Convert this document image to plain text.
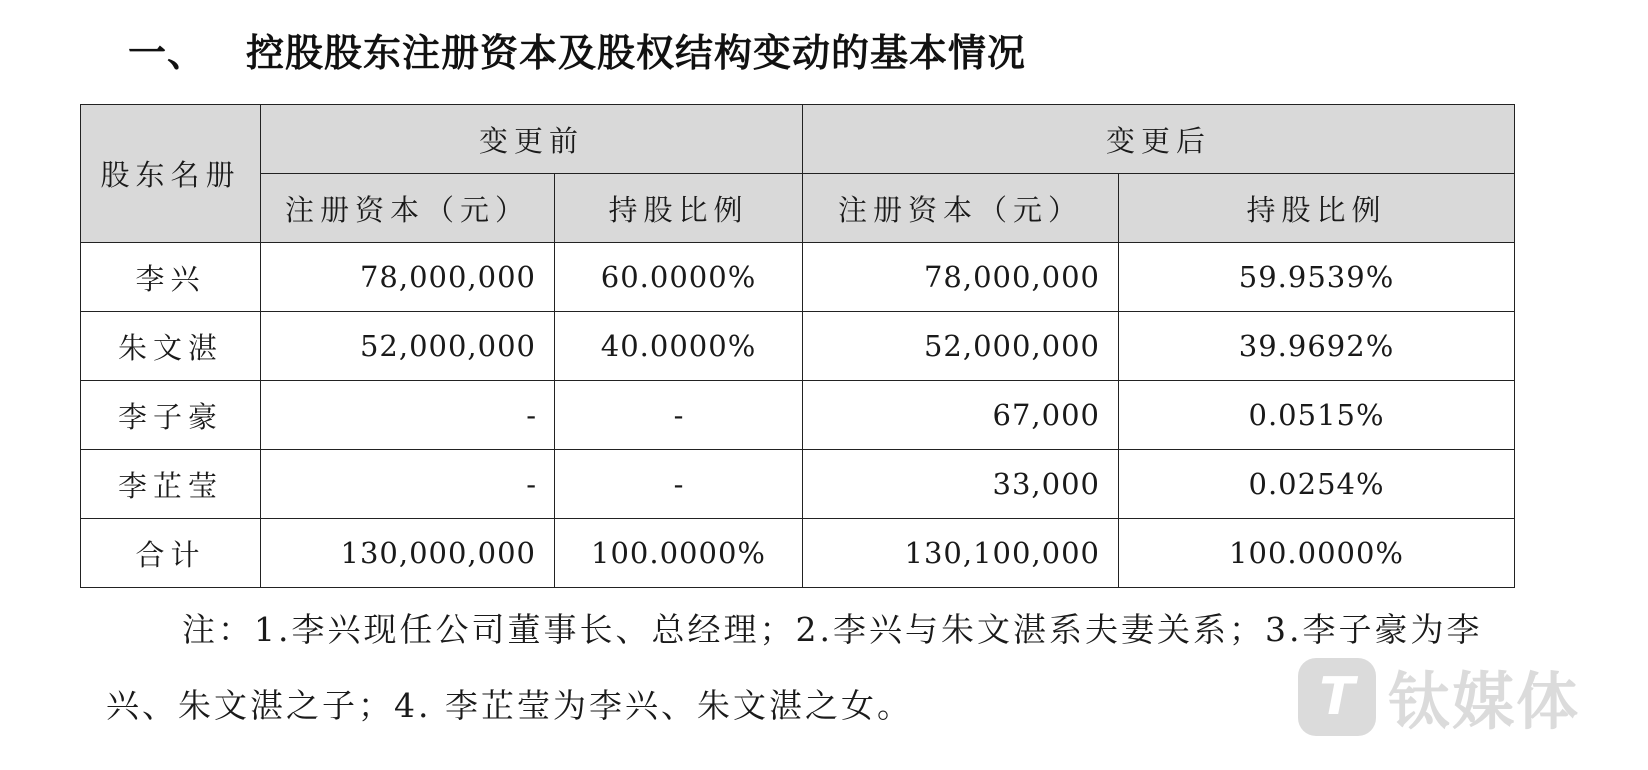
一、 控股股东注册资本及股权结构变动的基本情况
股东名册	变更前		变更后	
	注册资本（元）	持股比例	注册资本（元）	持股比例
李兴	78,000,000	60.0000%	78,000,000	59.9539%
朱文湛	52,000,000	40.0000%	52,000,000	39.9692%
李子豪	-	-	67,000	0.0515%
李芷莹	-	-	33,000	0.0254%
合计	130,000,000	100.0000%	130,100,000	100.0000%
注：1.李兴现任公司董事长、总经理；2.李兴与朱文湛系夫妻关系；3.李子豪为李兴、朱文湛之子；4. 李芷莹为李兴、朱文湛之女。	T 钛媒体
